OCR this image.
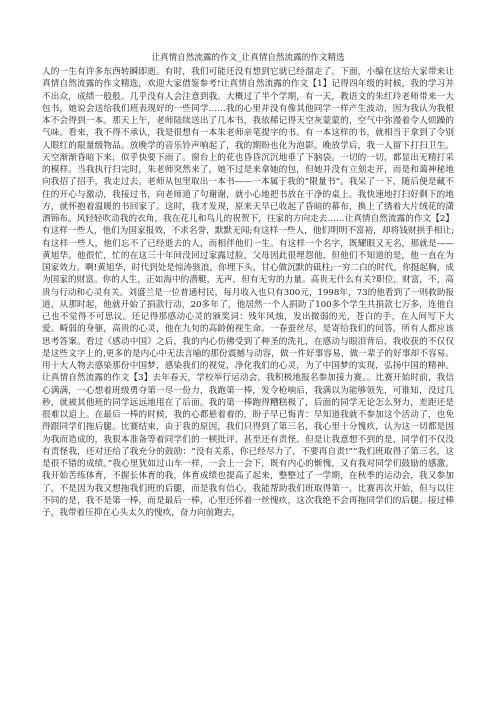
让真情自然流露的作文_让真情自然流露的作文精选

人的一生有许多东西转瞬即逝。有时，我们可能还没有想到它就已经溜走了。下面，小编在这给大家带来让真情自然流露的作文精选，欢迎大家借鉴参考!让真情自然流露的作文【1】记得四年级的时候，我的学习并不出众，成绩一般般。几乎没有人会注意到我。大概过了半个学期，有一天，教语文的朱红玲老师带来一大包书，她说会送给我们班表现好的一些同学……我的心里并没有像其他同学一样产生波动，因为我认为我根本不会得到一本。那天上午，老师陆续送出了几本书，我依稀记得天空灰蒙蒙的，空气中弥漫着令人烦躁的气味。看来，我不得不承认，我是很想有一本朱老师亲笔提字的书。有一本这样的书，就相当于拿到了令别人眼红的限量级物品。放晚学的音乐铃声响起了，我的期盼也化为泡影。晚放学后，我一人留下打扫卫生。天空渐渐昏暗下来，似乎快要下雨了。窗台上的花也昏昏沉沉地垂了下脑袋。一切的一切，都显出无精打采的模样。当我执行扫完时，朱老师突然来了，她不过是来拿她的包，但她并没有立刻走开，而是和蔼神秘地向我招了招手，我走过去。老师从包里取出一本书——一本属于我的“限量书”。我呆了一下，随后便是藏不住的开心与激动，我接过书，向老师道了句谢谢，就小心地把书放在干净的桌上。我快速地打扫好剩下的地方，就怀抱着温暖的书回家了。这时，我才发现，原来天早已收起了昏暗的幕布，换上了绣着大片绒花的潇洒锦布。风轻轻吹动我的衣角，我在花儿和鸟儿的祝贺下，往家的方向走去……让真情自然流露的作文【2】有这样一些人，他们为国家报效，不求名誉，默默无闻;有这样一些人，他们明明不富裕，却将钱财拱手相让;有这样一些人，他们忘不了已经逝去的人，而相伴他们一生。有这样一个名字，既耀眼又无名，那就是——黄旭华。他很忙，忙的在这三十年间没回过家露过脸，父母因此很埋怨他，但他们不知道的是，他一直在为国家效力。啊!黄旭华，时代到处是惊涛骇浪，你埋下头，甘心做沉默的砥柱;一穷二白的时代，你挺起胸，成为国家的财富。你的人生，正如海中的潜艇，无声，但有无穷的力量。高贵无什么有关?职位，财富，不，高贵与行动和心灵有关。刘盛兰是一位普通村民，每月收入也只有300元，1998年，73的他看到了一则救助报道，从那时起，他就开始了捐款行动，20多年了，他居然一个人捐助了100多个学生共捐款七万多，连他自己也不觉得不可思议。还记得那感动心灵的颁奖词：残年风烛，发出微弱的光，苍白的手，在人间写下大爱。畸弱的身躯，高贵的心灵，他在九旬的高龄俯视生命。一春蚕丝尽，是寄给我们的问答，所有人都应该思考答案。看过《感动中国》之后，我的内心仿佛受到了种圣的洗礼，在感动与眼泪背后，我收获的不仅仅是这些文字上的,更多的是内心中无法言喻的那份震撼与动容，做一件好事容易，做一辈子的好事却不容易。用十大人物去感染那份中国梦，感染我们的视觉，净化我们的心灵，为了中国梦的实现，弘扬中国的精神。让真情自然流露的作文【3】去年春天，学校举行运动会，我积极地报名参加接力赛。。比赛开始时前，我信心满满，一心想着班级勇夺第一尽一份力，我跑第一棒，发令枪响后，我满以为能够领先，可谁知，没过几秒，就被其他班的同学远远地甩在了后面。我的第一棒跑得糟糕极了，后面的同学无论怎么努力，差距还是很难以追上。在最后一棒的时候，我的心都悬着着的，盼子早已悔青：早知道我就不参加这个活动了，也免得跟同学们拖后腿。比赛结束，由于我的原因，我们只得到了第三名，我心里十分愧疚，认为这一切都是因为我而造成的，我狠本准备等着同学们的一顿批评，甚至还有责怪。但是让我意想不到的是，同学们不仅没有责怪我，还对还给了我充分的鼓励：“没有关系，你已经尽力了，不要再自责!”“我们班取得了第三名，这是很不错的成绩。”我心里犹如过山车一样，一会上一会下，既有内心的惭愧，又有我对同学们鼓励的感激。我开始苦练体育，不握长体育的我，体育成绩也提高了起来，整整过了一学期，在秋季的运动会，我又参加了，不是因为我又想拖我们班的后腿，而是我有信心，我能帮助我们班取得第一，比赛再次开始，但与以往不同的是，我不是第一棒，而是最后一棒，心里还怀着一丝愧疚，这次我绝不会再拖同学们的后腿。接过棒子，我带着压抑在心头太久的愧疚，奋力向前跑去，
